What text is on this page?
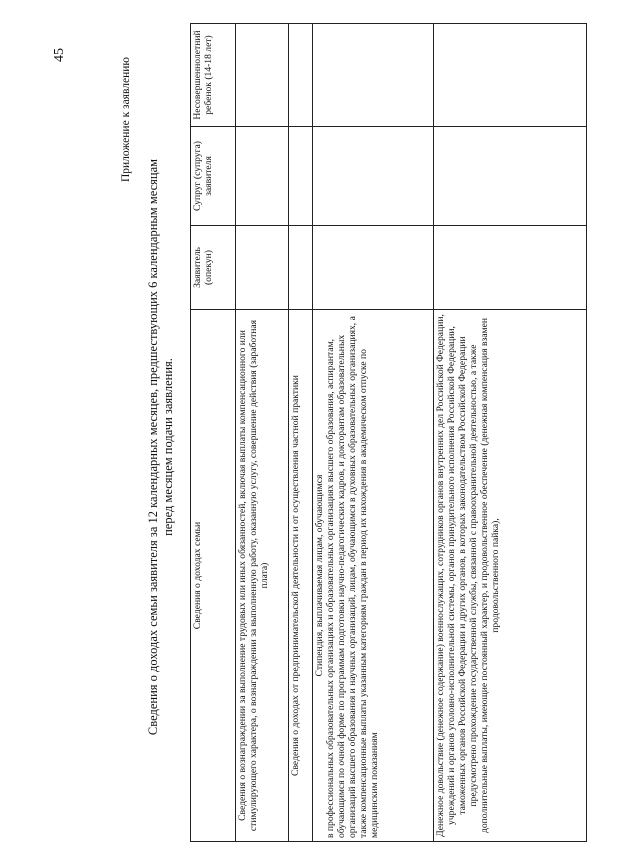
45
Приложение к заявлению
Сведения о доходах семьи заявителя за 12 календарных месяцев, предшествующих 6 календарным месяцам перед месяцем подачи заявления.
Сведения о доходах семьи	Заявитель (опекун)	Супруг (супруга) заявителя	Несовершеннолетний ребенок (14-18 лет)
Сведения о вознаграждении за выполнение трудовых или иных обязанностей, включая выплаты компенсационного или стимулирующего характера, о вознаграждении за выполненную работу, оказанную услугу, совершение действия (заработная плата)			
Сведения о доходах от предпринимательской деятельности и от осуществления частной практики			

Стипендия, выплачиваемая лицам, обучающимся в профессиональных образовательных организациях и образовательных организациях высшего образования, аспирантам, обучающимся по очной форме по программам подготовки научно-педагогических кадров, и докторантам образовательных организаций высшего образования и научных организаций, лицам, обучающимся в духовных образовательных организациях, а также компенсационные выплаты указанным категориям граждан в период их нахождения в академическом отпуске по медицинским показаниям			

Денежное довольствие (денежное содержание) военнослужащих, сотрудников органов внутренних дел Российской Федерации, учреждений и органов уголовно-исполнительной системы, органов принудительного исполнения Российской Федерации, таможенных органов Российской Федерации и других органов, в которых законодательством Российской Федерации предусмотрено прохождение государственной службы, связанной с правоохранительной деятельностью, а также дополнительные выплаты, имеющие постоянный характер, и продовольственное обеспечение (денежная компенсация взамен продовольственного пайка),			
